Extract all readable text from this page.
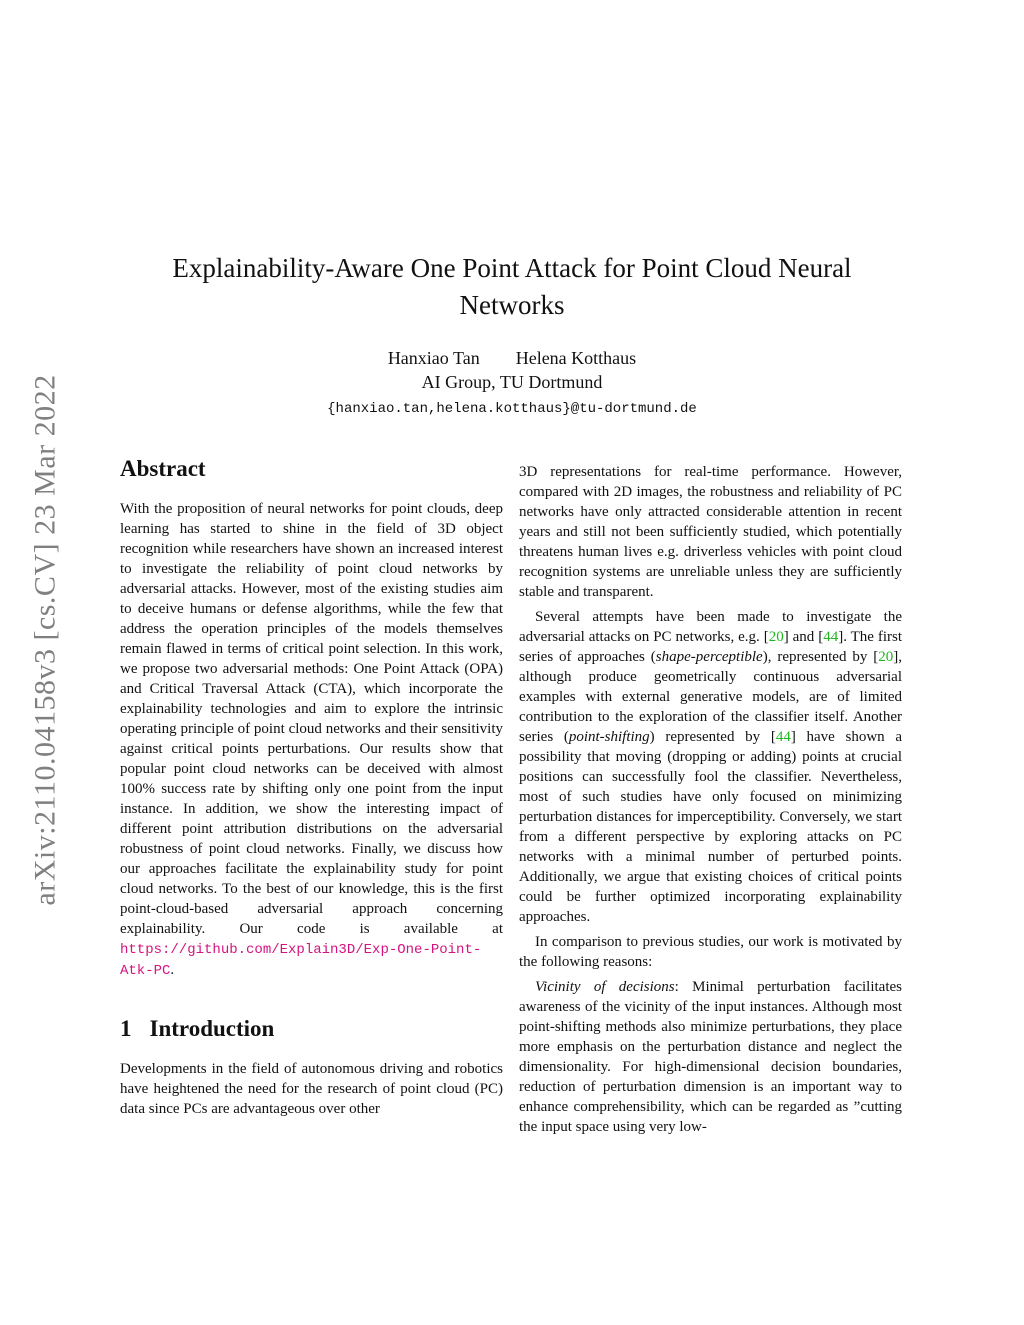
arXiv:2110.04158v3 [cs.CV] 23 Mar 2022
Explainability-Aware One Point Attack for Point Cloud Neural
Networks
Hanxiao Tan Helena Kotthaus
AI Group, TU Dortmund
{hanxiao.tan,helena.kotthaus}@tu-dortmund.de
Abstract

With the proposition of neural networks for point clouds, deep learning has started to shine in the field of 3D object recognition while researchers have shown an increased interest to investigate the reliability of point cloud networks by adversarial attacks. However, most of the existing studies aim to deceive humans or defense algorithms, while the few that address the operation principles of the models themselves remain flawed in terms of critical point selection. In this work, we propose two adversarial methods: One Point Attack (OPA) and Critical Traversal Attack (CTA), which incorporate the explainability technologies and aim to explore the intrinsic operating principle of point cloud networks and their sensitivity against critical points perturbations. Our results show that popular point cloud networks can be deceived with almost 100% success rate by shifting only one point from the input instance. In addition, we show the interesting impact of different point attribution distributions on the adversarial robustness of point cloud networks. Finally, we discuss how our approaches facilitate the explainability study for point cloud networks. To the best of our knowledge, this is the first point-cloud-based adversarial approach concerning explainability. Our code is available at https://github.com/Explain3D/Exp-One-Point-Atk-PC.

1 Introduction

Developments in the field of autonomous driving and robotics have heightened the need for the research of point cloud (PC) data since PCs are advantageous over other

3D representations for real-time performance. However, compared with 2D images, the robustness and reliability of PC networks have only attracted considerable attention in recent years and still not been sufficiently studied, which potentially threatens human lives e.g. driverless vehicles with point cloud recognition systems are unreliable unless they are sufficiently stable and transparent.

Several attempts have been made to investigate the adversarial attacks on PC networks, e.g. [20] and [44]. The first series of approaches (shape-perceptible), represented by [20], although produce geometrically continuous adversarial examples with external generative models, are of limited contribution to the exploration of the classifier itself. Another series (point-shifting) represented by [44] have shown a possibility that moving (dropping or adding) points at crucial positions can successfully fool the classifier. Nevertheless, most of such studies have only focused on minimizing perturbation distances for imperceptibility. Conversely, we start from a different perspective by exploring attacks on PC networks with a minimal number of perturbed points. Additionally, we argue that existing choices of critical points could be further optimized incorporating explainability approaches.

In comparison to previous studies, our work is motivated by the following reasons:

Vicinity of decisions: Minimal perturbation facilitates awareness of the vicinity of the input instances. Although most point-shifting methods also minimize perturbations, they place more emphasis on the perturbation distance and neglect the dimensionality. For high-dimensional decision boundaries, reduction of perturbation dimension is an important way to enhance comprehensibility, which can be regarded as ”cutting the input space using very low-
